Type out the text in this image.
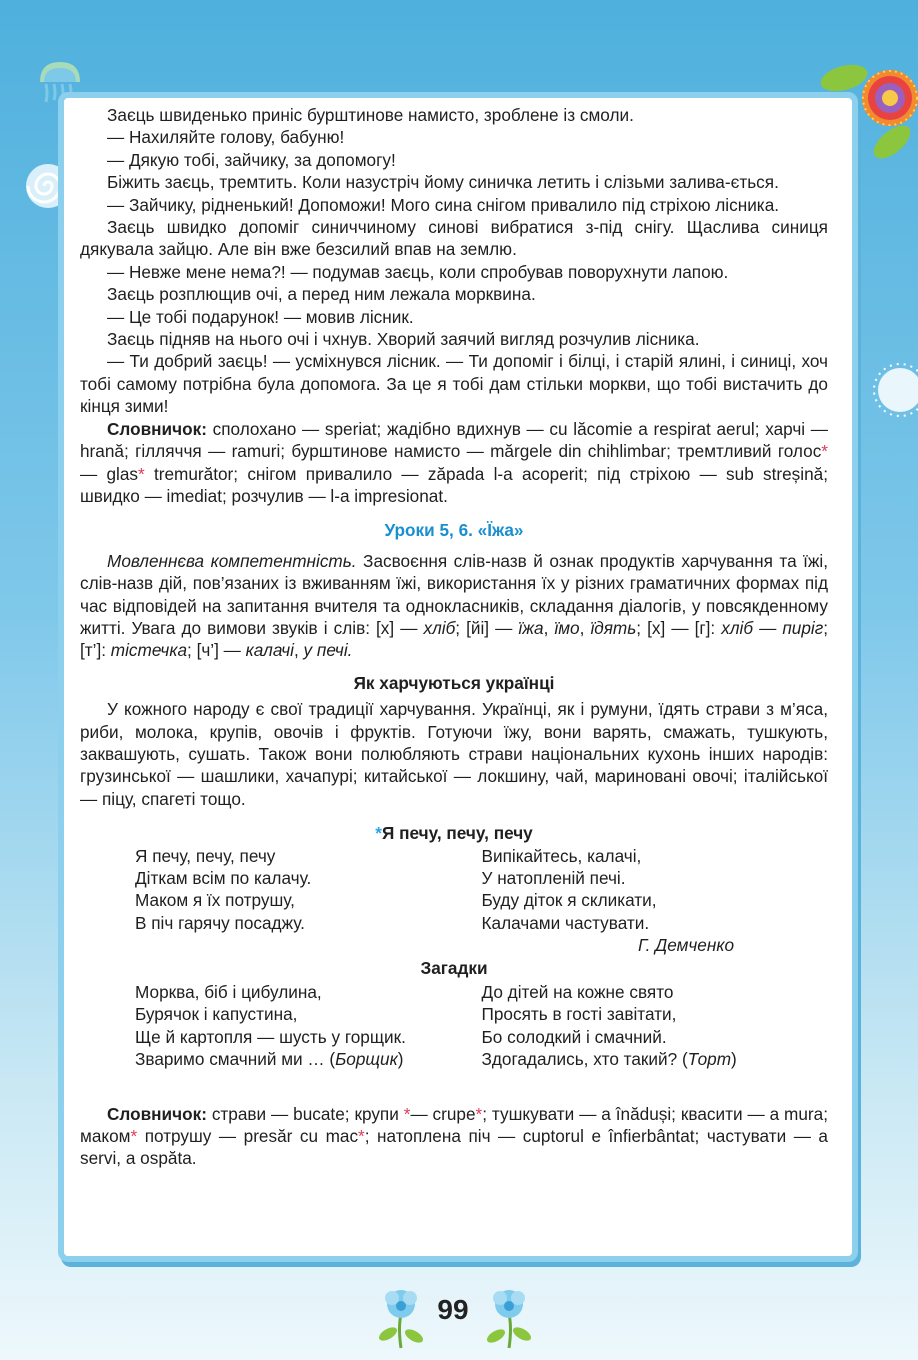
Заєць швиденько приніс бурштинове намисто, зроблене із смоли.

— Нахиляйте голову, бабуню!

— Дякую тобі, зайчику, за допомогу!

Біжить заєць, тремтить. Коли назустріч йому синичка летить і слізьми залива-ється.

— Зайчику, рідненький! Допоможи! Мого сина снігом привалило під стріхою лісника.

Заєць швидко допоміг синиччиному синові вибратися з-під снігу. Щаслива синиця дякувала зайцю. Але він вже безсилий впав на землю.

— Невже мене нема?! — подумав заєць, коли спробував поворухнути лапою.

Заєць розплющив очі, а перед ним лежала морквина.

— Це тобі подарунок! — мовив лісник.

Заєць підняв на нього очі і чхнув. Хворий заячий вигляд розчулив лісника.

— Ти добрий заєць! — усміхнувся лісник. — Ти допоміг і білці, і старій ялині, і синиці, хоч тобі самому потрібна була допомога. За це я тобі дам стільки моркви, що тобі вистачить до кінця зими!

Словничок: сполохано — speriat; жадібно вдихнув — cu lăcomie a respirat aerul; харчі — hrană; гілляччя — ramuri; бурштинове намисто — mărgele din chihlimbar; тремтливий голос* — glas* tremurător; снігом привалило — zăpada l-a acoperit; під стріхою — sub streșină; швидко — imediat; розчулив — l-a impresionat.

Уроки 5, 6. «Їжа»

Мовленнєва компетентність. Засвоєння слів-назв й ознак продуктів харчування та їжі, слів-назв дій, пов’язаних із вживанням їжі, використання їх у різних граматичних формах під час відповідей на запитання вчителя та однокласників, складання діалогів, у повсякденному житті. Увага до вимови звуків і слів: [х] — хліб; [йі] — їжа, їмо, їдять; [х] — [г]: хліб — пиріг; [т’]: тістечка; [ч’] — калачі, у печі.

Як харчуються українці

У кожного народу є свої традиції харчування. Українці, як і румуни, їдять страви з м’яса, риби, молока, крупів, овочів і фруктів. Готуючи їжу, вони варять, смажать, тушкують, заквашують, сушать. Також вони полюбляють страви національних кухонь інших народів: грузинської — шашлики, хачапурі; китайської — локшину, чай, мариновані овочі; італійської — піцу, спагеті тощо.

*Я печу, печу, печу

Я печу, печу, печу

Діткам всім по калачу.

Маком я їх потрушу,

В піч гарячу посаджу.

Випікайтесь, калачі,

У натопленій печі.

Буду діток я скликати,

Калачами частувати.

Г. Демченко

Загадки

Морква, біб і цибулина,

Бурячок і капустина,

Ще й картопля — шусть у горщик.

Зваримо смачний ми … (Борщик)

До дітей на кожне свято

Просять в гості завітати,

Бо солодкий і смачний.

Здогадались, хто такий? (Торт)

Словничок: страви — bucate; крупи *— crupe*; тушкувати — a înăduși; квасити — a mura; маком* потрушу — presăr cu mac*; натоплена піч — cuptorul e înfierbântat; частувати — a servi, a ospăta.

99
